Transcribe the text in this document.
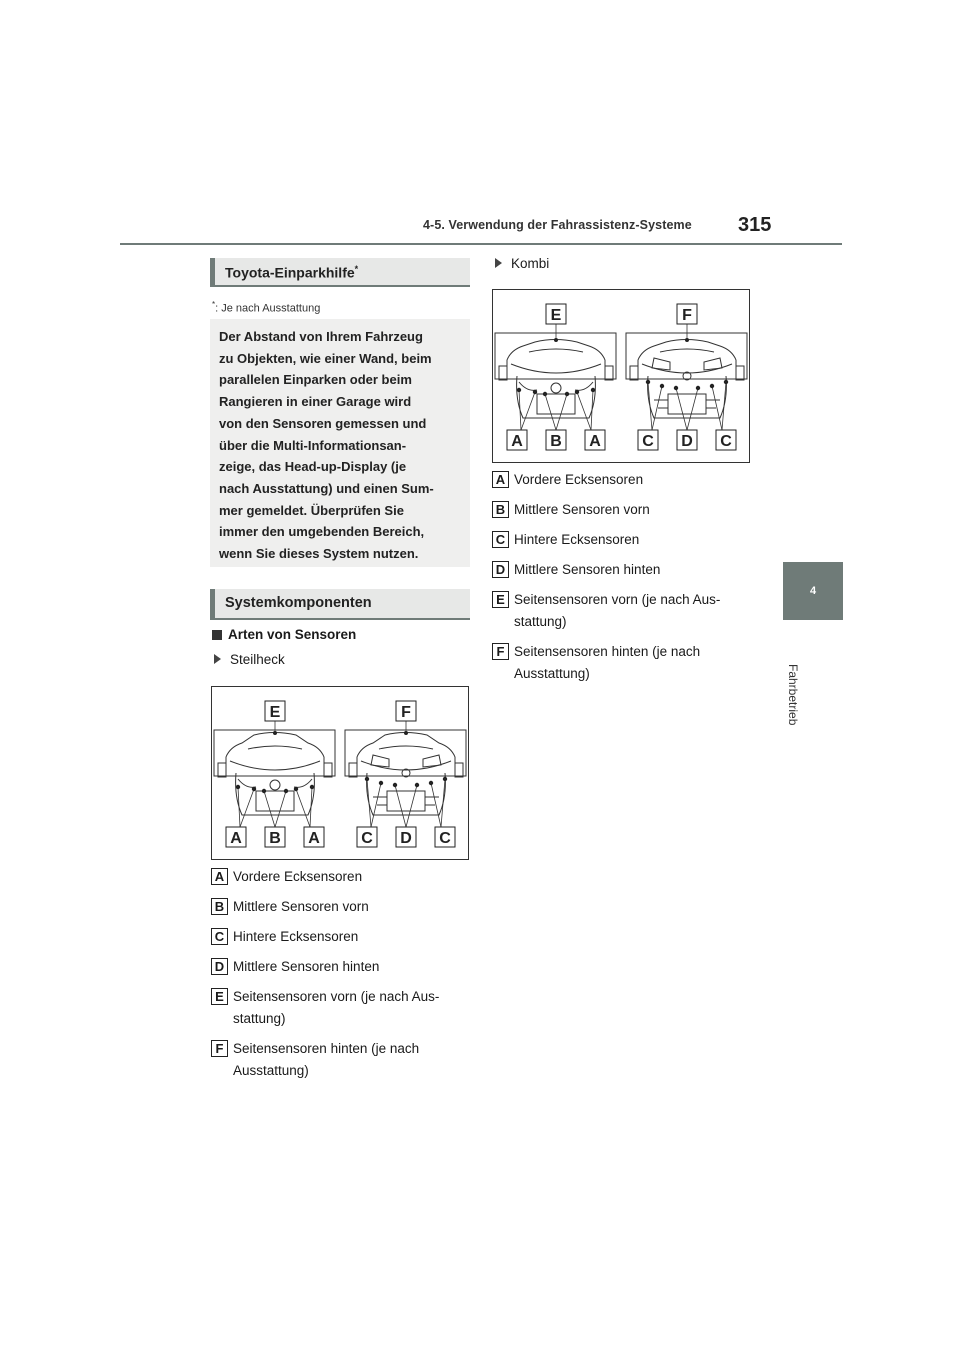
4-5. Verwendung der Fahrassistenz-Systeme 315
4
Fahrbetrieb
Toyota-Einparkhilfe*
*: Je nach Ausstattung
Der Abstand von Ihrem Fahrzeug
zu Objekten, wie einer Wand, beim
parallelen Einparken oder beim
Rangieren in einer Garage wird
von den Sensoren gemessen und
über die Multi-Informationsan-
zeige, das Head-up-Display (je
nach Ausstattung) und einen Sum-
mer gemeldet. Überprüfen Sie
immer den umgebenden Bereich,
wenn Sie dieses System nutzen.
Systemkomponenten
Arten von Sensoren
Steilheck
E	F
A B A	C D C
A Vordere Ecksensoren
B Mittlere Sensoren vorn
C Hintere Ecksensoren
D Mittlere Sensoren hinten
E Seitensensoren vorn (je nach Aus-
stattung)
F Seitensensoren hinten (je nach
Ausstattung)
Kombi
E	F
A B A	C D C
A Vordere Ecksensoren
B Mittlere Sensoren vorn
C Hintere Ecksensoren
D Mittlere Sensoren hinten
E Seitensensoren vorn (je nach Aus-
stattung)
F Seitensensoren hinten (je nach
Ausstattung)
